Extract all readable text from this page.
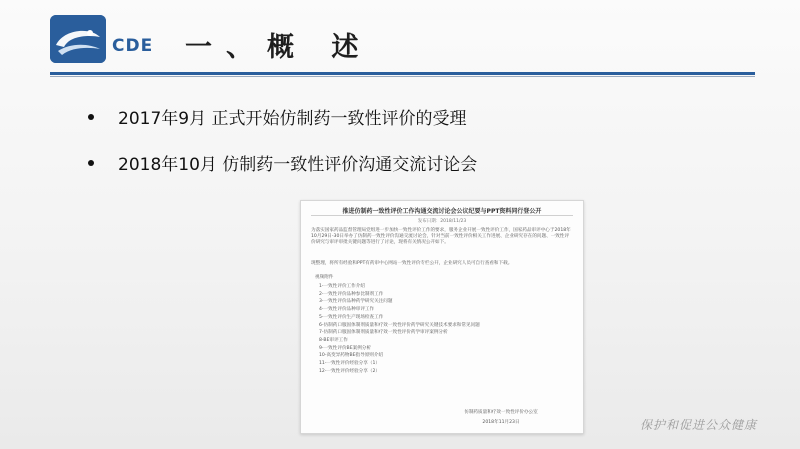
CDE 一、概 述
2017年9月 正式开始仿制药一致性评价的受理
2018年10月 仿制药一致性评价沟通交流讨论会
推进仿制药一致性评价工作沟通交流讨论会公议纪要与PPT资料同行登公开
发布日期：2018/11/23

为落实国家药品监督管理局党组进一步加快一致性评价工作的要求，服务企业开展一致性评价工作，国家药品审评中心于2018年10月29日-30日举办了仿制药一致性评价沟通交流讨论会，针对当前一致性评价相关工作进展、企业研究存在的问题、一致性评价研究与审评审批关键问题等进行了讨论，现将有关情况公开如下。

现整理，将所有经验和PPT有药审中心网站一致性评价专栏公开，企业研究人员可自行查看和下载。

视频附件

1-一致性评价工作介绍
2-一致性评价品种参比制剂工作
3-一致性评价品种药学研究关注问题
4-一致性评价品种审评工作
5-一致性评价生产现场检查工作
6-仿制药口服固体制剂质量和疗效一致性评价药学研究关键技术要求和常见问题
7-仿制药口服固体制剂质量和疗效一致性评价药学审评案例分析
8-BE审评工作
9-一致性评价BE案例分析
10-高变异药物BE指导原则介绍
11-一致性评价经验分享（1）
12-一致性评价经验分享（2）
仿制药质量和疗效一致性评价办公室
2018年11月23日	保护和促进公众健康
